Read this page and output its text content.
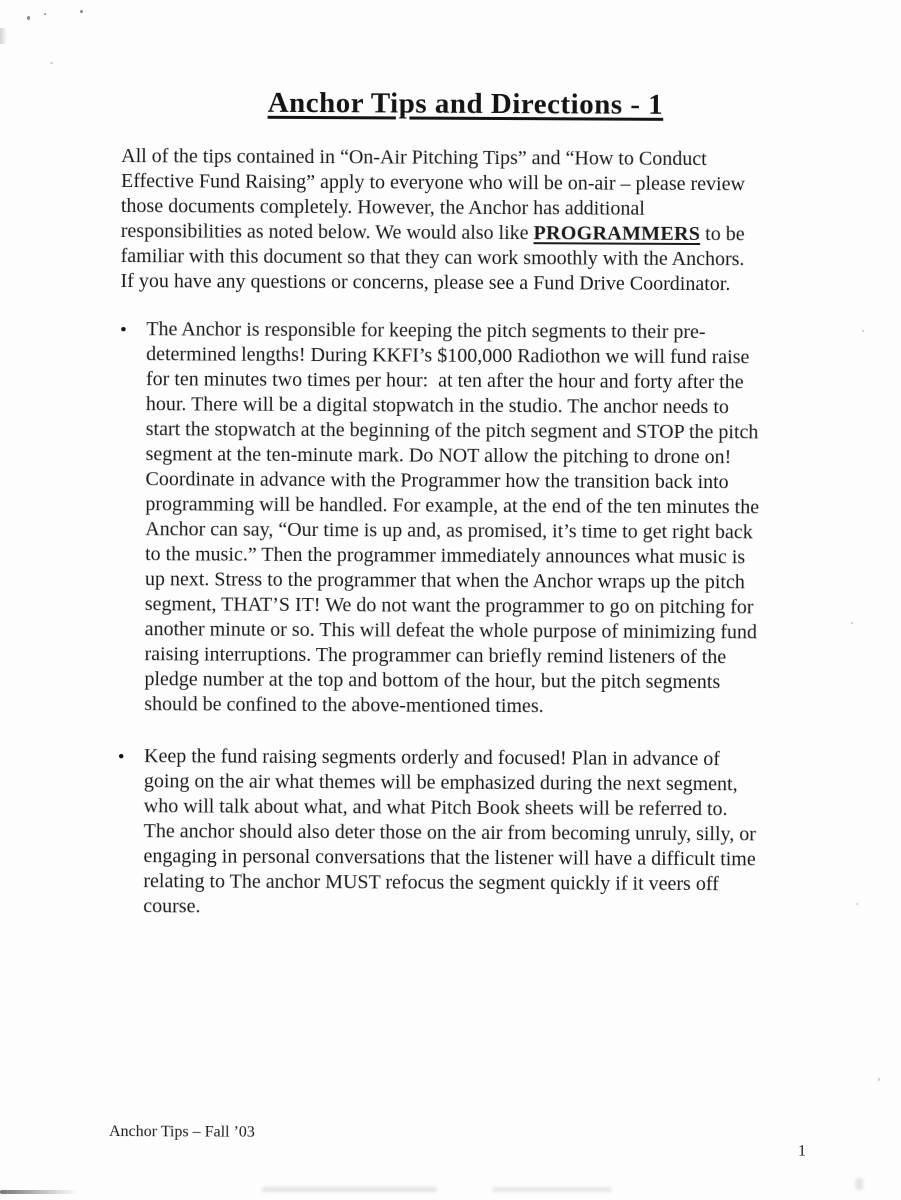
Anchor Tips and Directions - 1
All of the tips contained in “On-Air Pitching Tips” and “How to Conduct
Effective Fund Raising” apply to everyone who will be on-air – please review
those documents completely. However, the Anchor has additional
responsibilities as noted below. We would also like PROGRAMMERS to be
familiar with this document so that they can work smoothly with the Anchors.
If you have any questions or concerns, please see a Fund Drive Coordinator.
● The Anchor is responsible for keeping the pitch segments to their pre-
determined lengths! During KKFI’s $100,000 Radiothon we will fund raise
for ten minutes two times per hour:  at ten after the hour and forty after the
hour. There will be a digital stopwatch in the studio. The anchor needs to
start the stopwatch at the beginning of the pitch segment and STOP the pitch
segment at the ten-minute mark. Do NOT allow the pitching to drone on!
Coordinate in advance with the Programmer how the transition back into
programming will be handled. For example, at the end of the ten minutes the
Anchor can say, “Our time is up and, as promised, it’s time to get right back
to the music.” Then the programmer immediately announces what music is
up next. Stress to the programmer that when the Anchor wraps up the pitch
segment, THAT’S IT! We do not want the programmer to go on pitching for
another minute or so. This will defeat the whole purpose of minimizing fund
raising interruptions. The programmer can briefly remind listeners of the
pledge number at the top and bottom of the hour, but the pitch segments
should be confined to the above-mentioned times.
● Keep the fund raising segments orderly and focused! Plan in advance of
going on the air what themes will be emphasized during the next segment,
who will talk about what, and what Pitch Book sheets will be referred to.
The anchor should also deter those on the air from becoming unruly, silly, or
engaging in personal conversations that the listener will have a difficult time
relating to The anchor MUST refocus the segment quickly if it veers off
course.
Anchor Tips – Fall ’03
1
